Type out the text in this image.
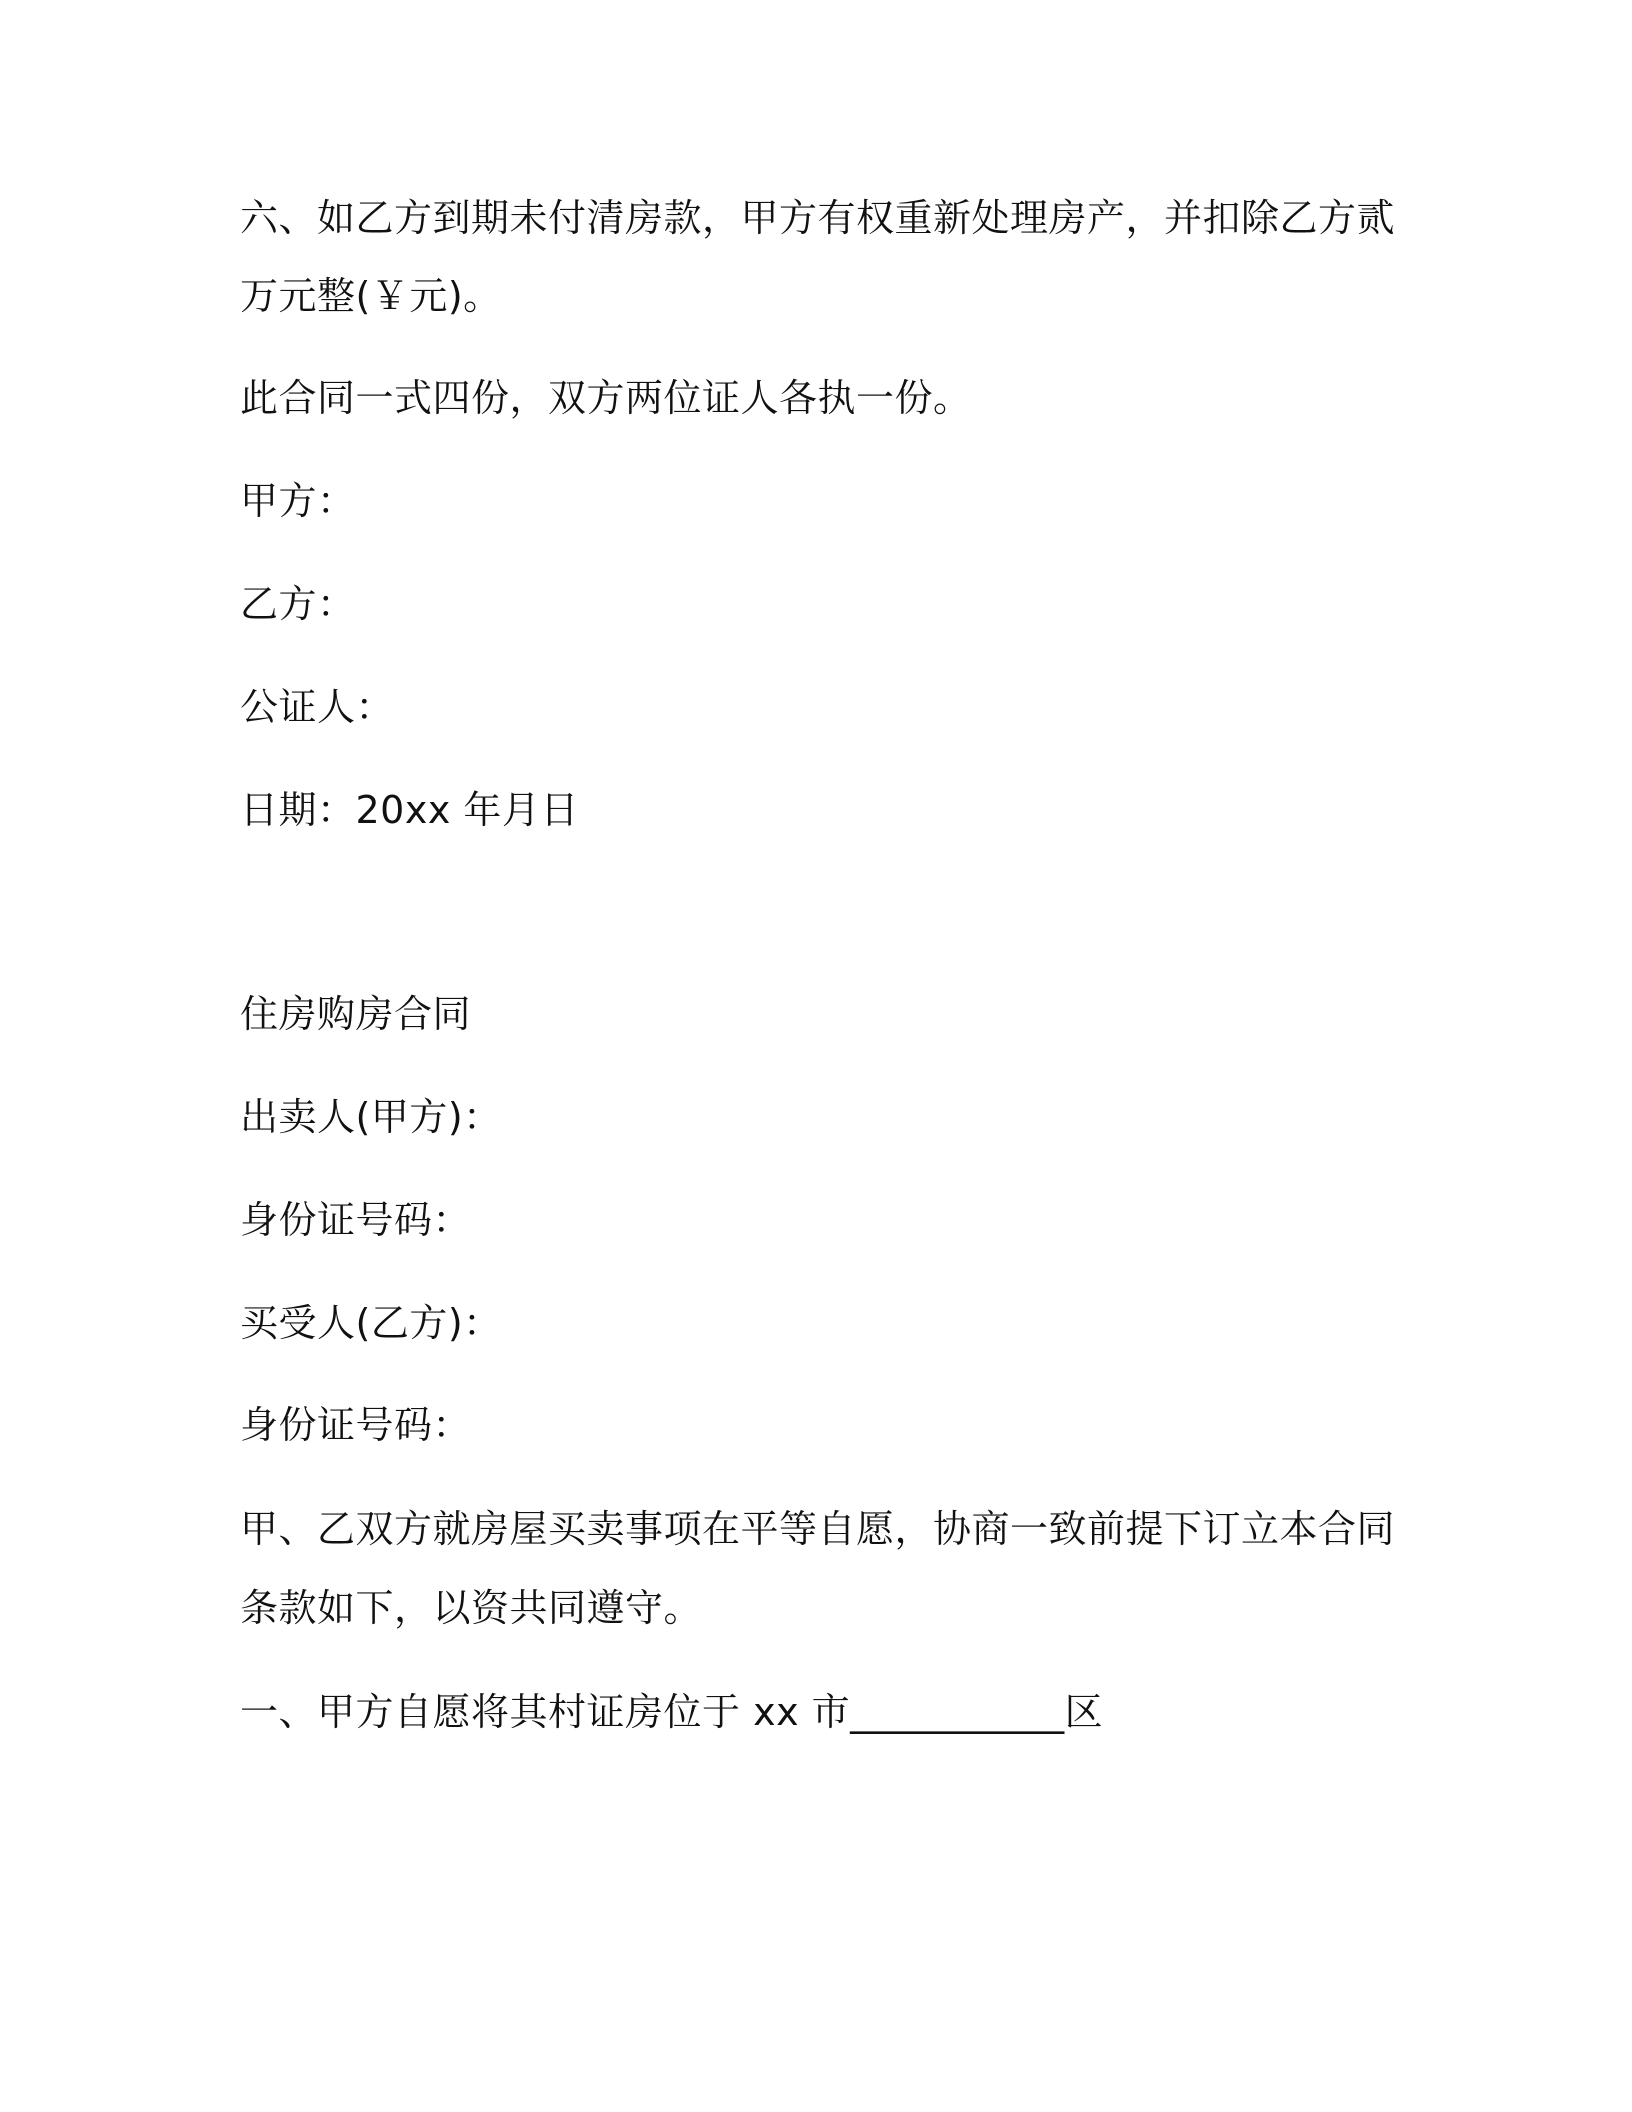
六、如乙方到期未付清房款，甲方有权重新处理房产，并扣除乙方贰
万元整(￥元)。
此合同一式四份，双方两位证人各执一份。
甲方：
乙方：
公证人：
日期：20xx 年月日
住房购房合同
出卖人(甲方)：
身份证号码：
买受人(乙方)：
身份证号码：
甲、乙双方就房屋买卖事项在平等自愿，协商一致前提下订立本合同
条款如下，以资共同遵守。
一、甲方自愿将其村证房位于 xx 市___________区
